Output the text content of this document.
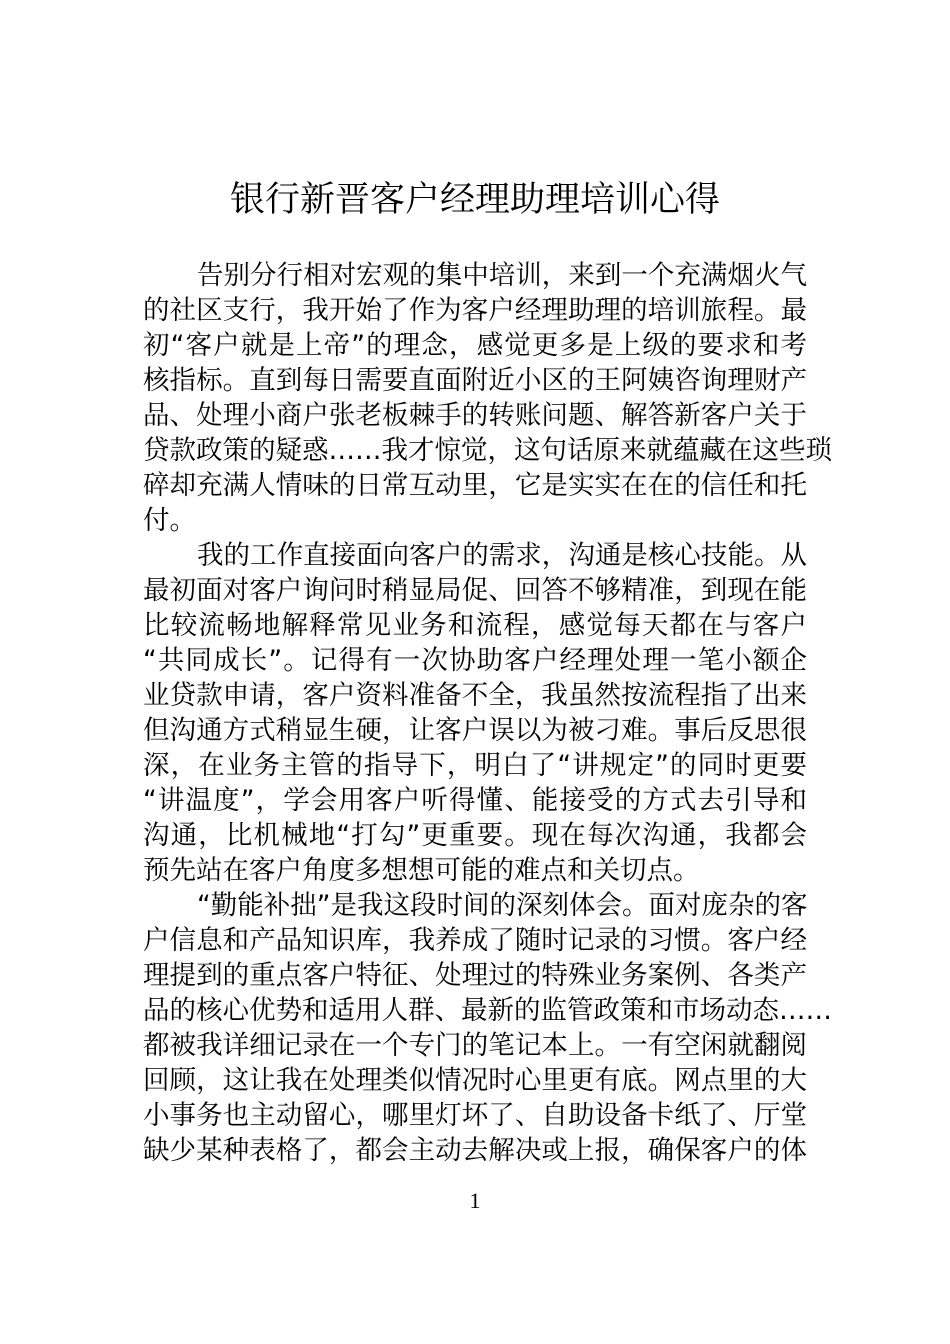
银行新晋客户经理助理培训心得
告别分行相对宏观的集中培训，来到一个充满烟火气
的社区支行，我开始了作为客户经理助理的培训旅程。最
初“客户就是上帝”的理念，感觉更多是上级的要求和考
核指标。直到每日需要直面附近小区的王阿姨咨询理财产
品、处理小商户张老板棘手的转账问题、解答新客户关于
贷款政策的疑惑……我才惊觉，这句话原来就蕴藏在这些琐
碎却充满人情味的日常互动里，它是实实在在的信任和托
付。
我的工作直接面向客户的需求，沟通是核心技能。从
最初面对客户询问时稍显局促、回答不够精准，到现在能
比较流畅地解释常见业务和流程，感觉每天都在与客户
“共同成长”。记得有一次协助客户经理处理一笔小额企
业贷款申请，客户资料准备不全，我虽然按流程指了出来
但沟通方式稍显生硬，让客户误以为被刁难。事后反思很
深，在业务主管的指导下，明白了“讲规定”的同时更要
“讲温度”，学会用客户听得懂、能接受的方式去引导和
沟通，比机械地“打勾”更重要。现在每次沟通，我都会
预先站在客户角度多想想可能的难点和关切点。
“勤能补拙”是我这段时间的深刻体会。面对庞杂的客
户信息和产品知识库，我养成了随时记录的习惯。客户经
理提到的重点客户特征、处理过的特殊业务案例、各类产
品的核心优势和适用人群、最新的监管政策和市场动态……
都被我详细记录在一个专门的笔记本上。一有空闲就翻阅
回顾，这让我在处理类似情况时心里更有底。网点里的大
小事务也主动留心，哪里灯坏了、自助设备卡纸了、厅堂
缺少某种表格了，都会主动去解决或上报，确保客户的体
1
